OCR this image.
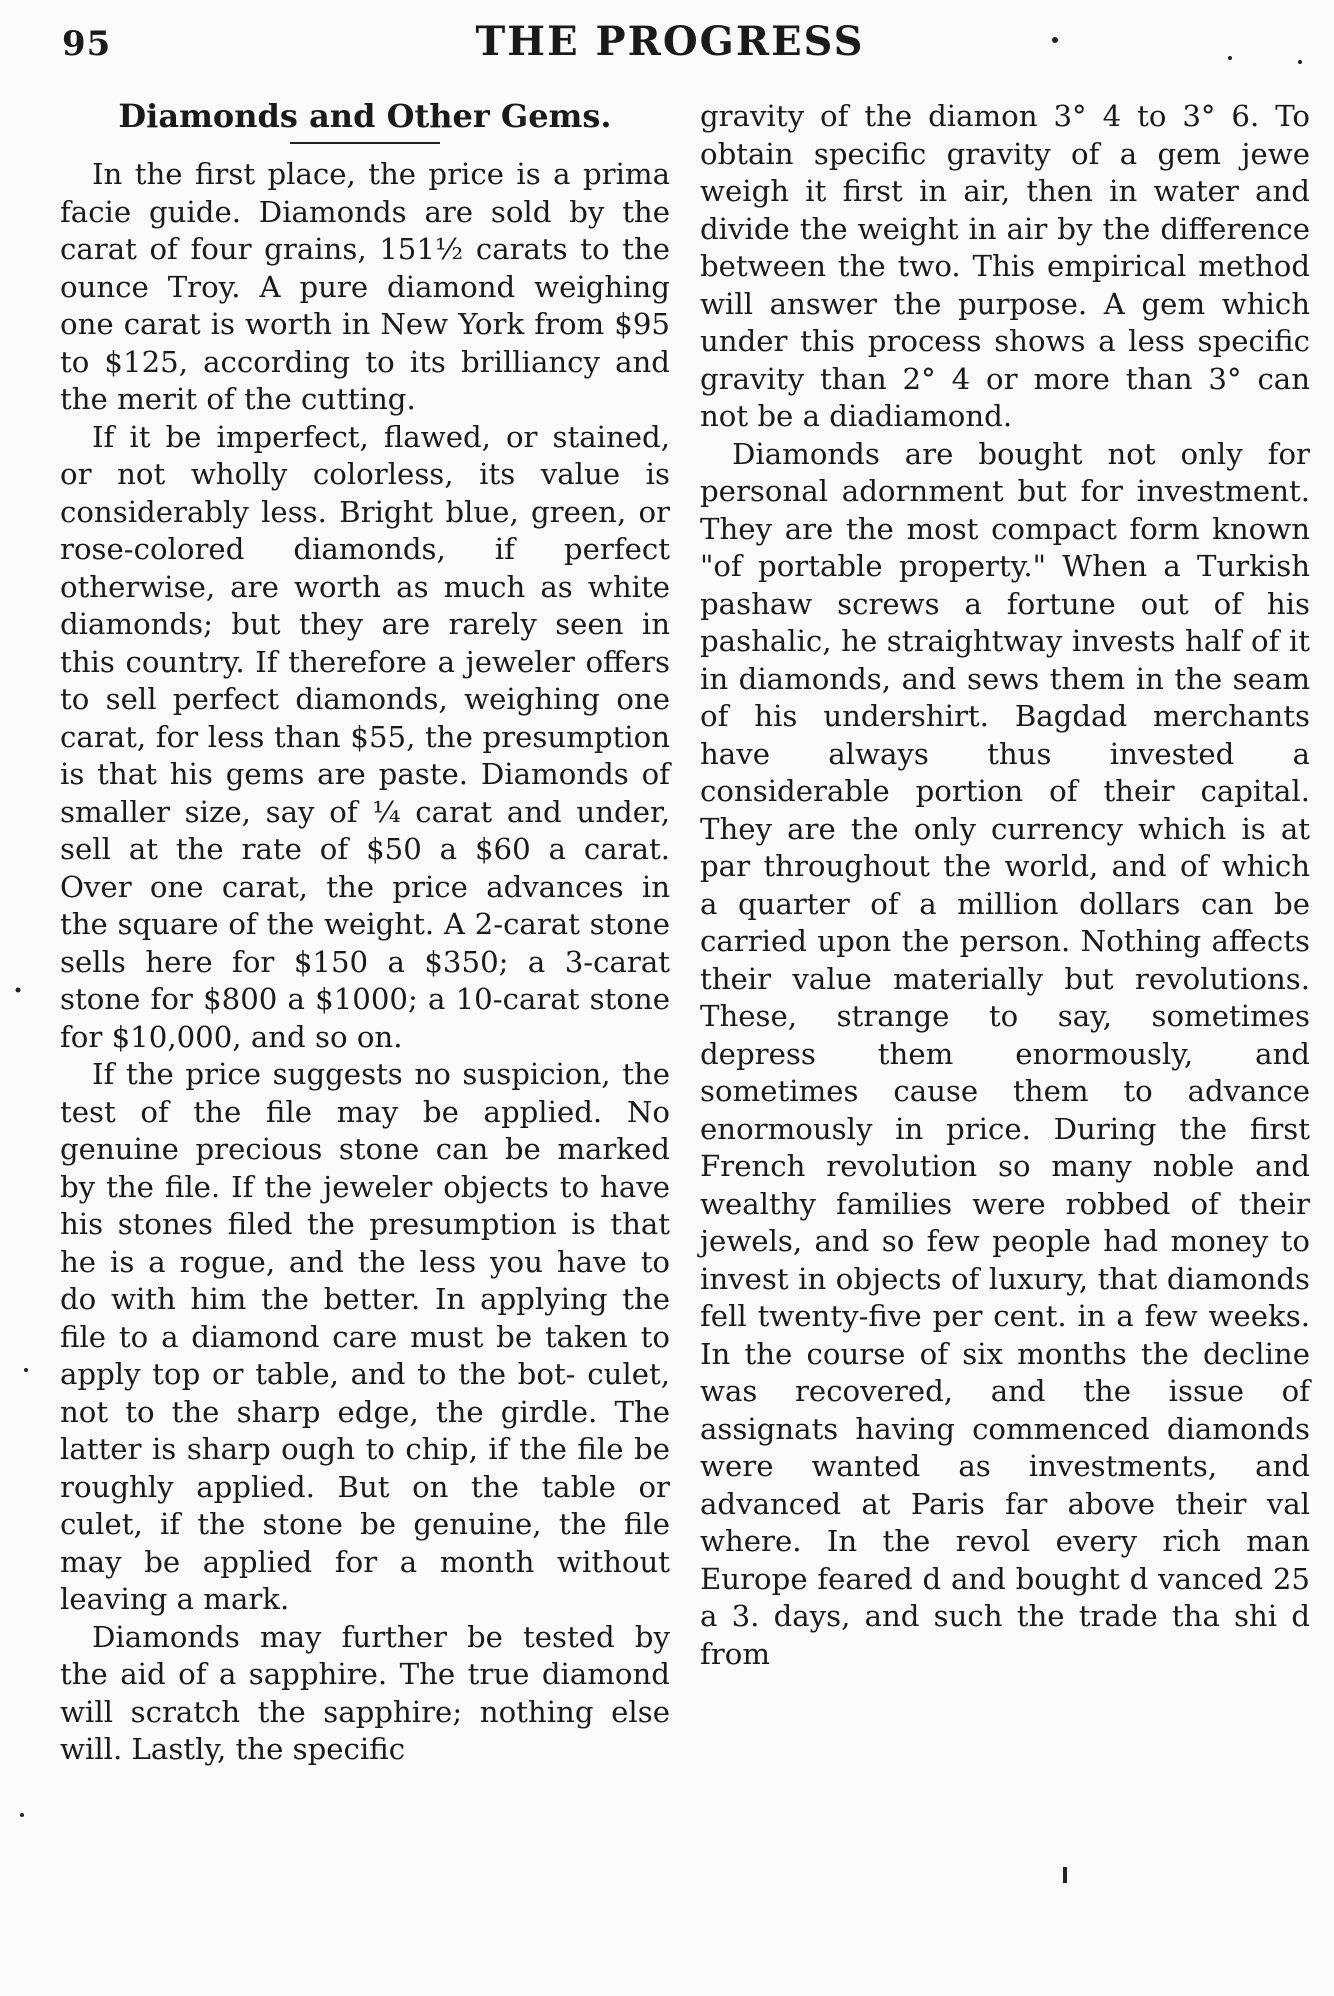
95	THE PROGRESS
Diamonds and Other Gems.

In the first place, the price is a prima facie guide. Diamonds are sold by the carat of four grains, 151½ carats to the ounce Troy. A pure diamond weighing one carat is worth in New York from $95 to $125, according to its brilliancy and the merit of the cutting.

If it be imperfect, flawed, or stained, or not wholly colorless, its value is considerably less. Bright blue, green, or rose-colored diamonds, if perfect otherwise, are worth as much as white diamonds; but they are rarely seen in this country. If therefore a jeweler offers to sell perfect diamonds, weighing one carat, for less than $55, the presumption is that his gems are paste. Diamonds of smaller size, say of ¼ carat and under, sell at the rate of $50 a $60 a carat. Over one carat, the price advances in the square of the weight. A 2-carat stone sells here for $150 a $350; a 3-carat stone for $800 a $1000; a 10-carat stone for $10,000, and so on.

If the price suggests no suspicion, the test of the file may be applied. No genuine precious stone can be marked by the file. If the jeweler objects to have his stones filed the presumption is that he is a rogue, and the less you have to do with him the better. In applying the file to a diamond care must be taken to apply top or table, and to the bot- culet, not to the sharp edge, the girdle. The latter is sharp ough to chip, if the file be roughly applied. But on the table or culet, if the stone be genuine, the file may be applied for a month without leaving a mark.

Diamonds may further be tested by the aid of a sapphire. The true diamond will scratch the sapphire; nothing else will. Lastly, the specific

gravity of the diamon 3° 4 to 3° 6. To obtain specific gravity of a gem jewe weigh it first in air, then in water and divide the weight in air by the difference between the two. This empirical method will answer the purpose. A gem which under this process shows a less specific gravity than 2° 4 or more than 3° can not be a diadiamond.

Diamonds are bought not only for personal adornment but for investment. They are the most compact form known "of portable property." When a Turkish pashaw screws a fortune out of his pashalic, he straightway invests half of it in diamonds, and sews them in the seam of his undershirt. Bagdad merchants have always thus invested a considerable portion of their capital. They are the only currency which is at par throughout the world, and of which a quarter of a million dollars can be carried upon the person. Nothing affects their value materially but revolutions. These, strange to say, sometimes depress them enormously, and sometimes cause them to advance enormously in price. During the first French revolution so many noble and wealthy families were robbed of their jewels, and so few people had money to invest in objects of luxury, that diamonds fell twenty-five per cent. in a few weeks. In the course of six months the decline was recovered, and the issue of assignats having commenced diamonds were wanted as investments, and advanced at Paris far above their val where. In the revol every rich man Europe feared d and bought d vanced 25 a 3. days, and such the trade tha shi d from
